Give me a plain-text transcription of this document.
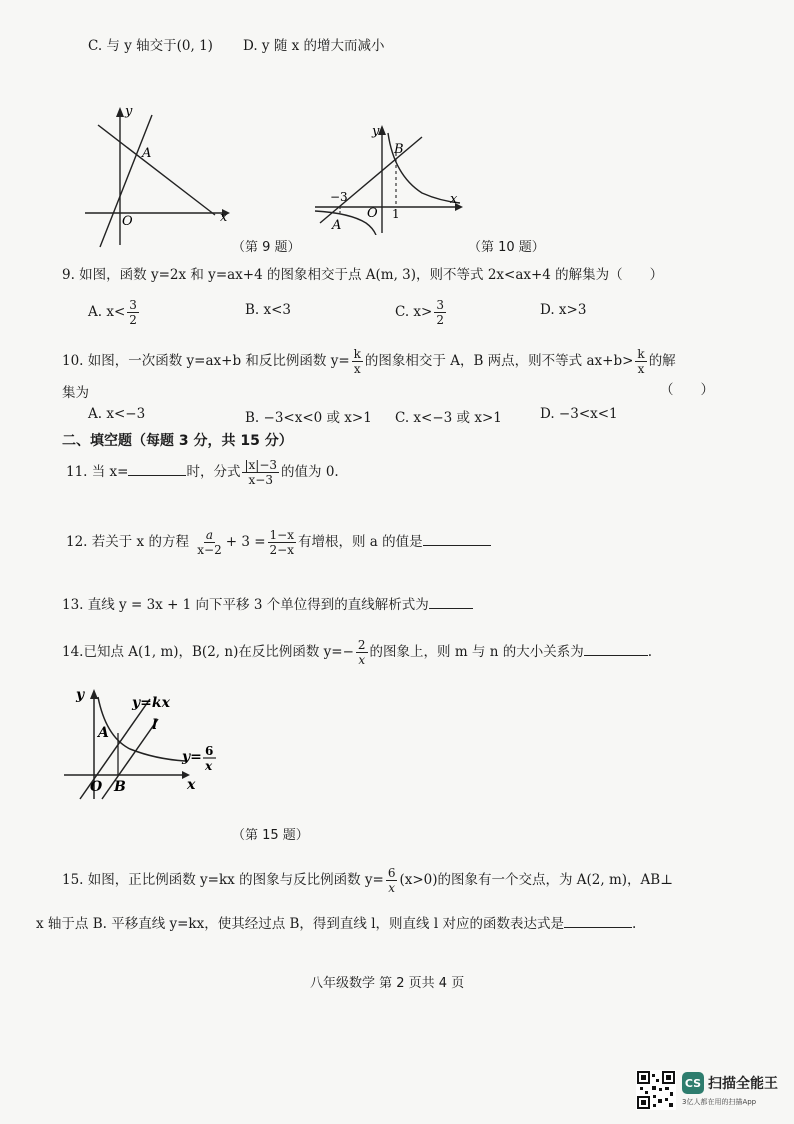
C. 与 y 轴交于(0, 1) D. y 随 x 的增大而减小
y
x
O
A
（第 9 题）
y
x
O
A
B
−3
1
（第 10 题）
9. 如图，函数 y=2x 和 y=ax+4 的图象相交于点 A(m, 3)，则不等式 2x<ax+4 的解集为（　　）
A. $x< \frac{3}{2}$	B. x<3	C. $x> \frac{3}{2}$	D. x>3
10. 如图，一次函数 y=ax+b 和反比例函数 $y= \frac{k}{x}$ 的图象相交于 A，B 两点，则不等式 $ax+b> \frac{k}{x}$ 的解
集为	（　　）
A. x<−3	B. −3<x<0 或 x>1 C. x<−3 或 x>1	D. −3<x<1
二、填空题（每题 3 分，共 15 分）
11. 当 x=	时，分式 $\frac{|x|-3}{x-3}$ 的值为 0.
12. 若关于 x 的方程 $\frac{a}{x-2} + 3 = \frac{1-x}{2-x}$ 有增根，则 a 的值是
13. 直线 y = 3x + 1 向下平移 3 个单位得到的直线解析式为
14.已知点 A(1, m)，B(2, n)在反比例函数 $y=- \frac{2}{x}$ 的图象上，则 m 与 n 的大小关系为	.
y
x
O B
A
y=kx
l
y= 6
x
（第 15 题）
15. 如图，正比例函数 y=kx 的图象与反比例函数 $y= \frac{6}{x} (x>0)$的图象有一个交点，为 A(2, m)，AB⊥
x 轴于点 B. 平移直线 y=kx，使其经过点 B，得到直线 l，则直线 l 对应的函数表达式是	.
八年级数学 第 2 页共 4 页
CS 扫描全能王
3亿人都在用的扫描App
